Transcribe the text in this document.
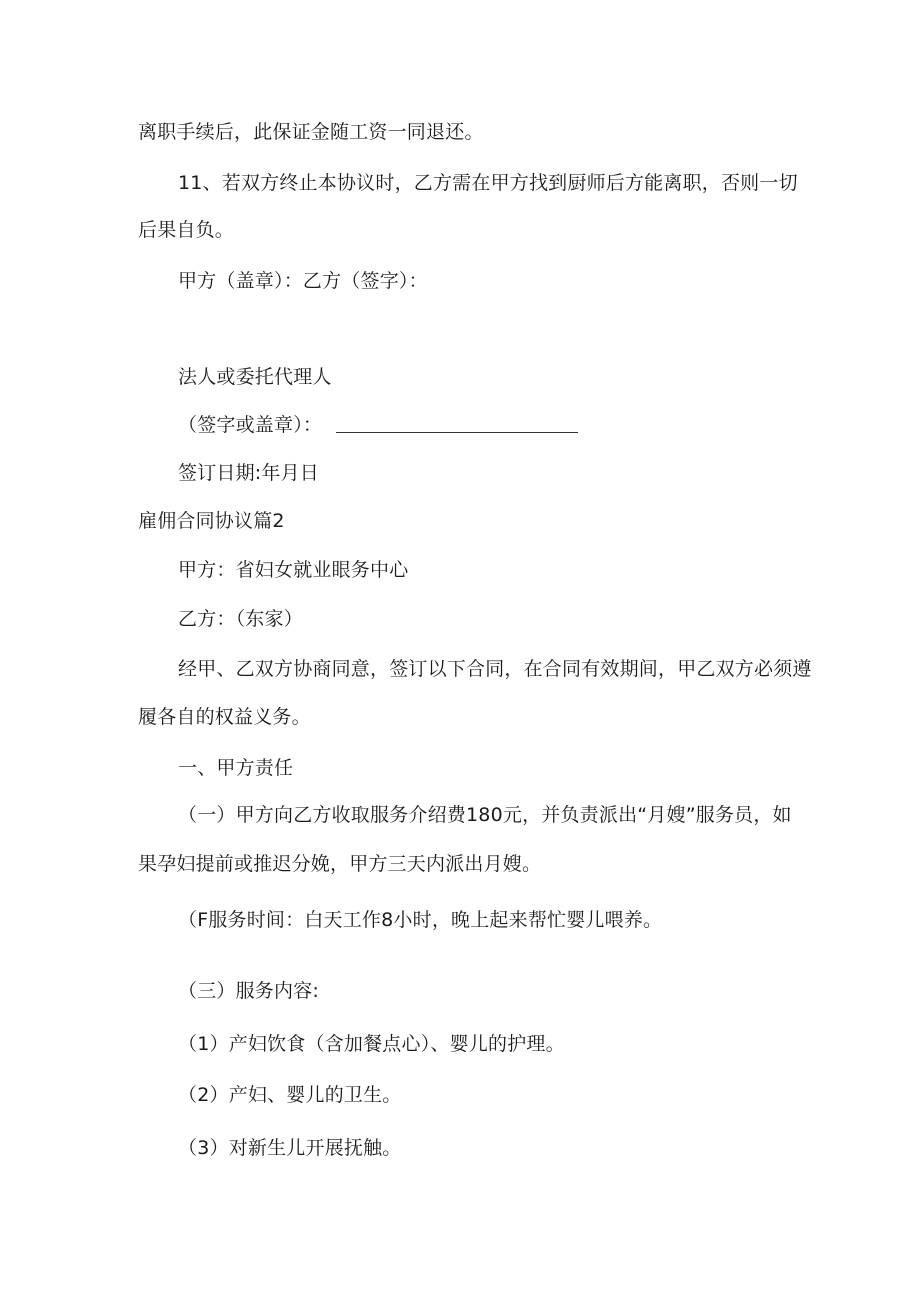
离职手续后，此保证金随工资一同退还。
11、若双方终止本协议时，乙方需在甲方找到厨师后方能离职，否则一切
后果自负。
甲方（盖章）：乙方（签字）：
法人或委托代理人
（签字或盖章）：
签订日期:年月日
雇佣合同协议篇2
甲方：省妇女就业眼务中心
乙方：（东家）
经甲、乙双方协商同意，签订以下合同，在合同有效期间，甲乙双方必须遵
履各自的权益义务。
一、甲方责任
（一）甲方向乙方收取服务介绍费180元，并负责派出“月嫂”服务员，如
果孕妇提前或推迟分娩，甲方三天内派出月嫂。
（F服务时间：白天工作8小时，晚上起来帮忙婴儿喂养。
（三）服务内容:
（1）产妇饮食（含加餐点心）、婴儿的护理。
（2）产妇、婴儿的卫生。
（3）对新生儿开展抚触。
